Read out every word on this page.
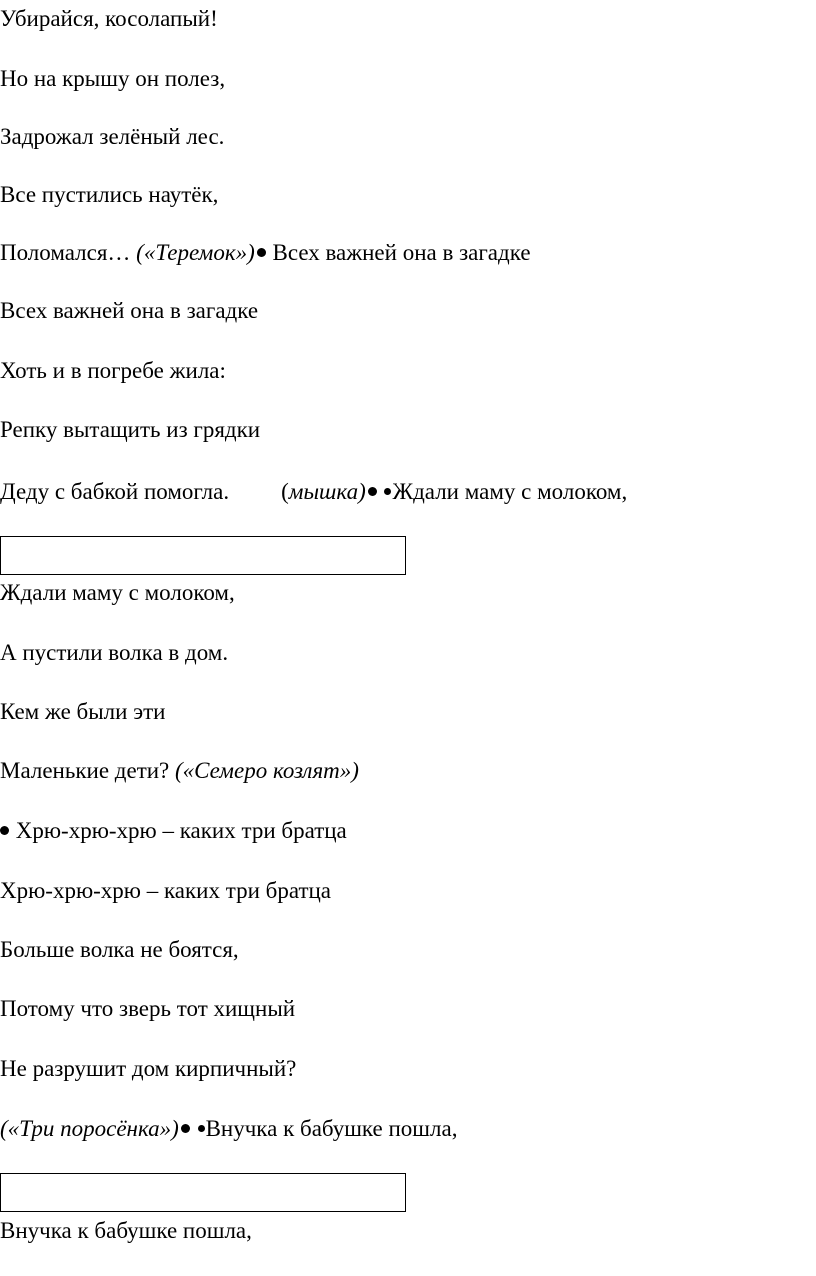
Убирайся, косолапый!
Но на крышу он полез,
Задрожал зелёный лес.
Все пустились наутёк,
Поломался… («Теремок») Всех важней она в загадке
Всех важней она в загадке
Хоть и в погребе жила:
Репку вытащить из грядки
Деду с бабкой помогла. (мышка) Ждали маму с молоком,
Ждали маму с молоком,
А пустили волка в дом.
Кем же были эти
Маленькие дети? («Семеро козлят»)
Хрю-хрю-хрю – каких три братца
Хрю-хрю-хрю – каких три братца
Больше волка не боятся,
Потому что зверь тот хищный
Не разрушит дом кирпичный?
(«Три поросёнка») Внучка к бабушке пошла,
Внучка к бабушке пошла,
